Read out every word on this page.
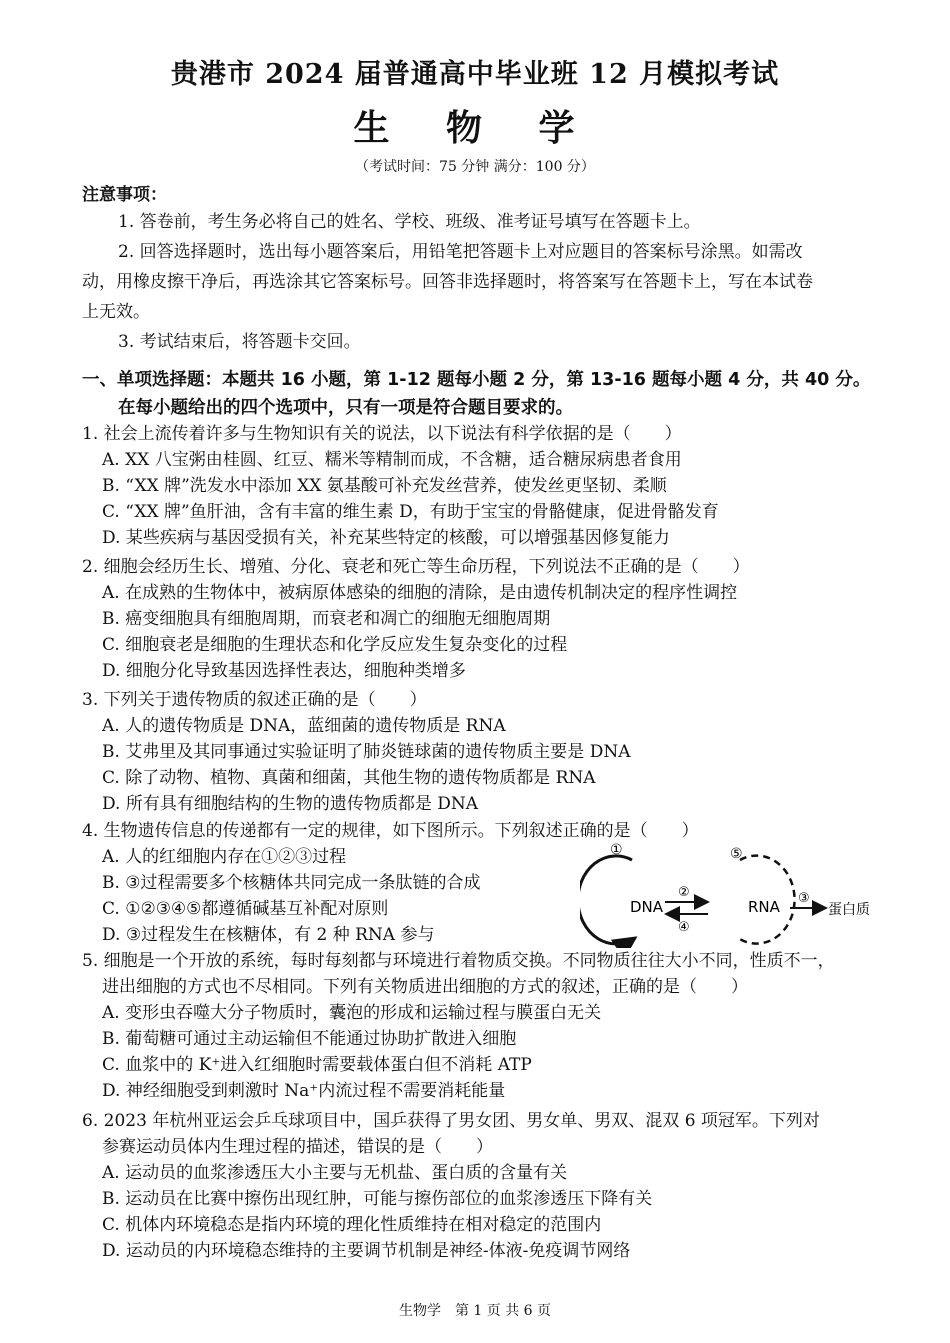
贵港市 2024 届普通高中毕业班 12 月模拟考试
生 物 学
（考试时间：75 分钟 满分：100 分）
注意事项：
1. 答卷前，考生务必将自己的姓名、学校、班级、准考证号填写在答题卡上。
2. 回答选择题时，选出每小题答案后，用铅笔把答题卡上对应题目的答案标号涂黑。如需改
动，用橡皮擦干净后，再选涂其它答案标号。回答非选择题时，将答案写在答题卡上，写在本试卷
上无效。
3. 考试结束后，将答题卡交回。
一、单项选择题：本题共 16 小题，第 1-12 题每小题 2 分，第 13-16 题每小题 4 分，共 40 分。
在每小题给出的四个选项中，只有一项是符合题目要求的。
1. 社会上流传着许多与生物知识有关的说法，以下说法有科学依据的是（　　）
A. XX 八宝粥由桂圆、红豆、糯米等精制而成，不含糖，适合糖尿病患者食用
B. “XX 牌”洗发水中添加 XX 氨基酸可补充发丝营养，使发丝更坚韧、柔顺
C. “XX 牌”鱼肝油，含有丰富的维生素 D，有助于宝宝的骨骼健康，促进骨骼发育
D. 某些疾病与基因受损有关，补充某些特定的核酸，可以增强基因修复能力
2. 细胞会经历生长、增殖、分化、衰老和死亡等生命历程，下列说法不正确的是（　　）
A. 在成熟的生物体中，被病原体感染的细胞的清除，是由遗传机制决定的程序性调控
B. 癌变细胞具有细胞周期，而衰老和凋亡的细胞无细胞周期
C. 细胞衰老是细胞的生理状态和化学反应发生复杂变化的过程
D. 细胞分化导致基因选择性表达，细胞种类增多
3. 下列关于遗传物质的叙述正确的是（　　）
A. 人的遗传物质是 DNA，蓝细菌的遗传物质是 RNA
B. 艾弗里及其同事通过实验证明了肺炎链球菌的遗传物质主要是 DNA
C. 除了动物、植物、真菌和细菌，其他生物的遗传物质都是 RNA
D. 所有具有细胞结构的生物的遗传物质都是 DNA
4. 生物遗传信息的传递都有一定的规律，如下图所示。下列叙述正确的是（　　）
A. 人的红细胞内存在①②③过程
B. ③过程需要多个核糖体共同完成一条肽链的合成
C. ①②③④⑤都遵循碱基互补配对原则
D. ③过程发生在核糖体，有 2 种 RNA 参与
①
DNA
②
④
⑤
RNA ③
蛋白质
5. 细胞是一个开放的系统，每时每刻都与环境进行着物质交换。不同物质往往大小不同，性质不一，
进出细胞的方式也不尽相同。下列有关物质进出细胞的方式的叙述，正确的是（　　）
A. 变形虫吞噬大分子物质时，囊泡的形成和运输过程与膜蛋白无关
B. 葡萄糖可通过主动运输但不能通过协助扩散进入细胞
C. 血浆中的 K⁺进入红细胞时需要载体蛋白但不消耗 ATP
D. 神经细胞受到刺激时 Na⁺内流过程不需要消耗能量
6. 2023 年杭州亚运会乒乓球项目中，国乒获得了男女团、男女单、男双、混双 6 项冠军。下列对
参赛运动员体内生理过程的描述，错误的是（　　）
A. 运动员的血浆渗透压大小主要与无机盐、蛋白质的含量有关
B. 运动员在比赛中擦伤出现红肿，可能与擦伤部位的血浆渗透压下降有关
C. 机体内环境稳态是指内环境的理化性质维持在相对稳定的范围内
D. 运动员的内环境稳态维持的主要调节机制是神经-体液-免疫调节网络
生物学　第 1 页 共 6 页
